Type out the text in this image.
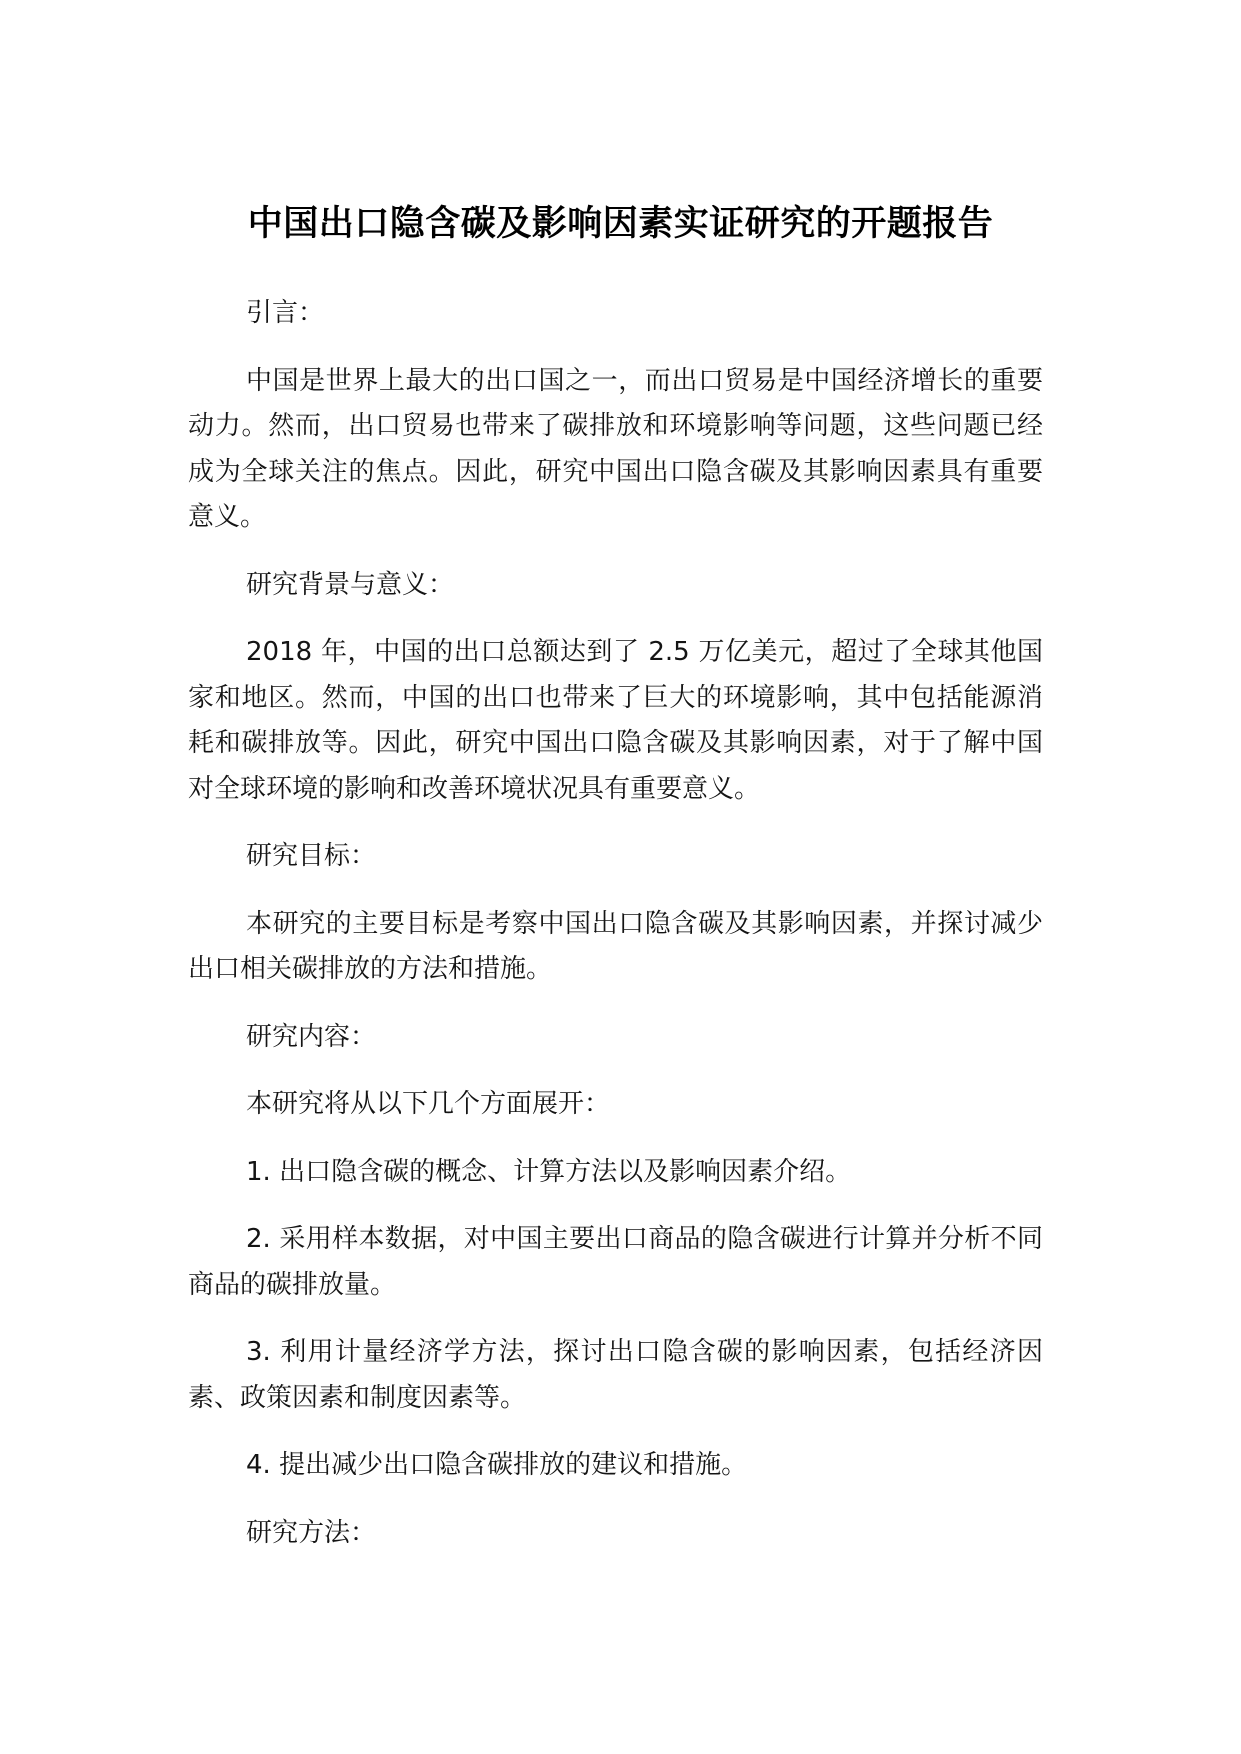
中国出口隐含碳及影响因素实证研究的开题报告

引言：

中国是世界上最大的出口国之一，而出口贸易是中国经济增长的重要动力。然而，出口贸易也带来了碳排放和环境影响等问题，这些问题已经成为全球关注的焦点。因此，研究中国出口隐含碳及其影响因素具有重要意义。

研究背景与意义：

2018 年，中国的出口总额达到了 2.5 万亿美元，超过了全球其他国家和地区。然而，中国的出口也带来了巨大的环境影响，其中包括能源消耗和碳排放等。因此，研究中国出口隐含碳及其影响因素，对于了解中国对全球环境的影响和改善环境状况具有重要意义。

研究目标：

本研究的主要目标是考察中国出口隐含碳及其影响因素，并探讨减少出口相关碳排放的方法和措施。

研究内容：

本研究将从以下几个方面展开：

1. 出口隐含碳的概念、计算方法以及影响因素介绍。

2. 采用样本数据，对中国主要出口商品的隐含碳进行计算并分析不同商品的碳排放量。

3. 利用计量经济学方法，探讨出口隐含碳的影响因素，包括经济因素、政策因素和制度因素等。

4. 提出减少出口隐含碳排放的建议和措施。

研究方法：
